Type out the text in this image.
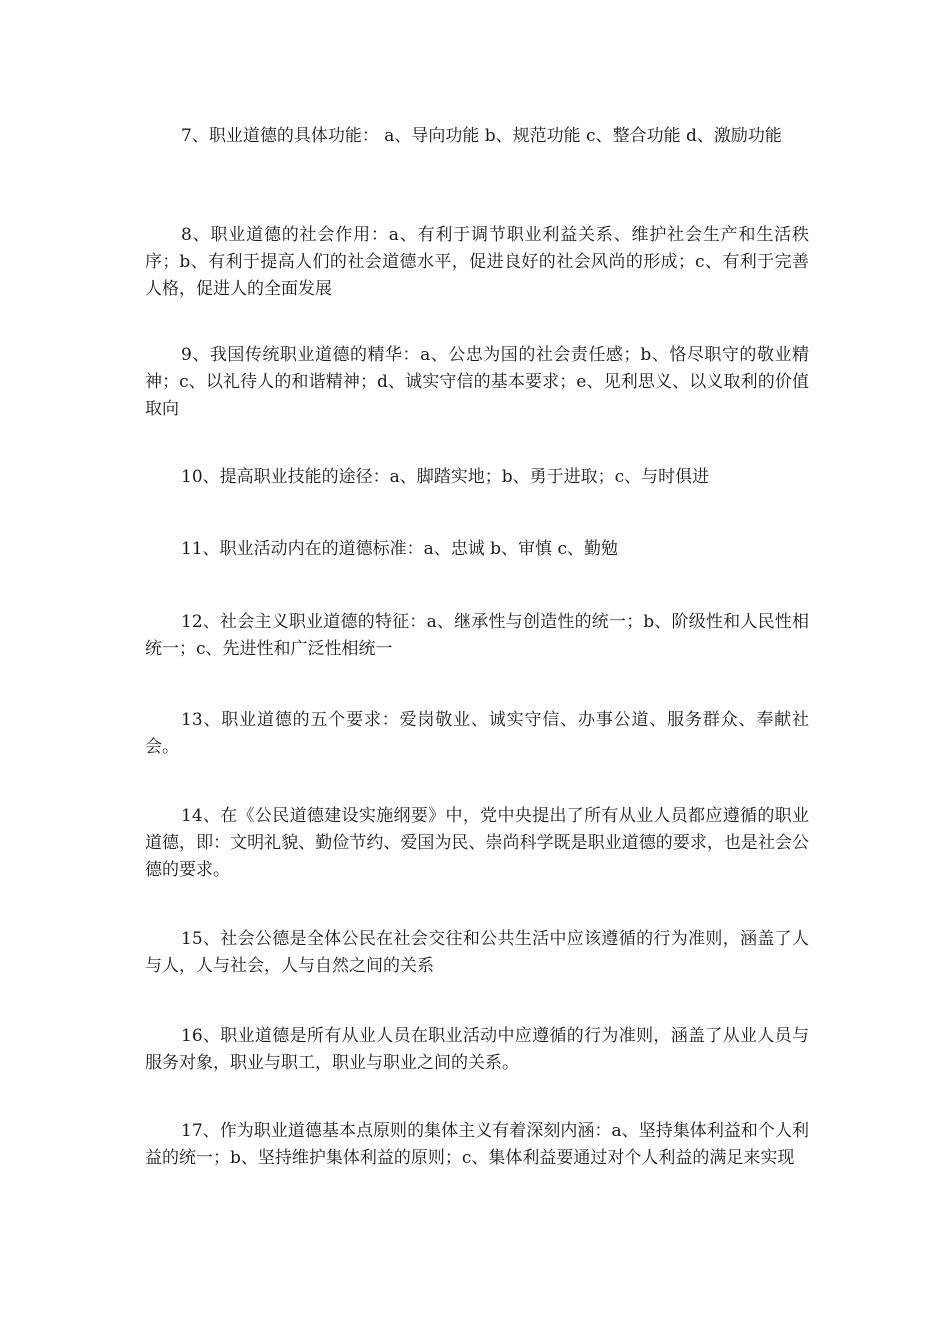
7、职业道德的具体功能： a、导向功能 b、规范功能 c、整合功能 d、激励功能

8、职业道德的社会作用：a、有利于调节职业利益关系、维护社会生产和生活秩序；b、有利于提高人们的社会道德水平，促进良好的社会风尚的形成；c、有利于完善人格，促进人的全面发展

9、我国传统职业道德的精华：a、公忠为国的社会责任感；b、恪尽职守的敬业精神；c、以礼待人的和谐精神；d、诚实守信的基本要求；e、见利思义、以义取利的价值取向

10、提高职业技能的途径：a、脚踏实地；b、勇于进取；c、与时俱进

11、职业活动内在的道德标准：a、忠诚 b、审慎 c、勤勉

12、社会主义职业道德的特征：a、继承性与创造性的统一；b、阶级性和人民性相统一；c、先进性和广泛性相统一

13、职业道德的五个要求：爱岗敬业、诚实守信、办事公道、服务群众、奉献社会。

14、在《公民道德建设实施纲要》中，党中央提出了所有从业人员都应遵循的职业道德，即：文明礼貌、勤俭节约、爱国为民、崇尚科学既是职业道德的要求，也是社会公德的要求。

15、社会公德是全体公民在社会交往和公共生活中应该遵循的行为准则，涵盖了人与人，人与社会，人与自然之间的关系

16、职业道德是所有从业人员在职业活动中应遵循的行为准则，涵盖了从业人员与服务对象，职业与职工，职业与职业之间的关系。

17、作为职业道德基本点原则的集体主义有着深刻内涵：a、坚持集体利益和个人利益的统一；b、坚持维护集体利益的原则；c、集体利益要通过对个人利益的满足来实现
